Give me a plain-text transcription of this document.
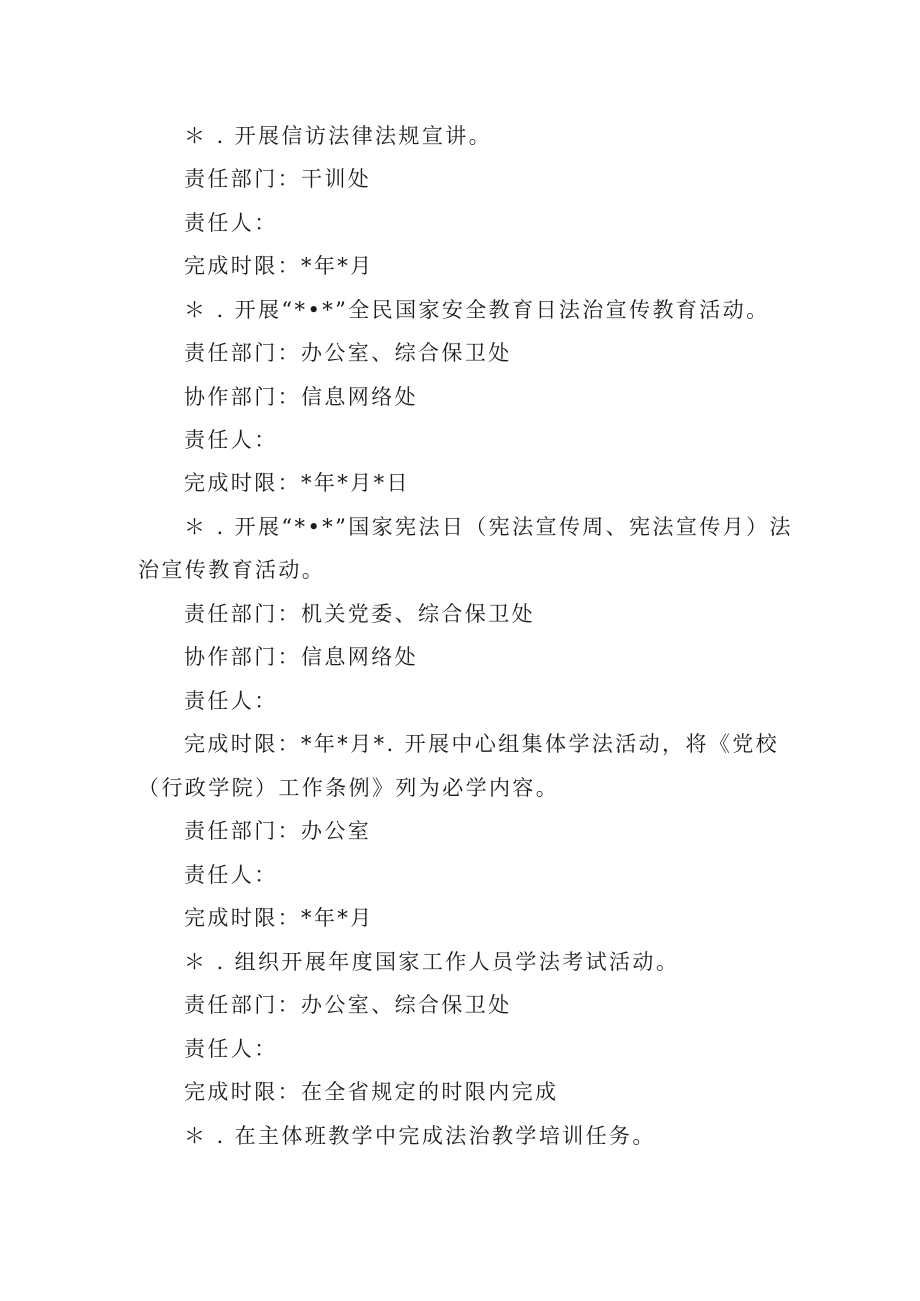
＊ . 开展信访法律法规宣讲。
责任部门：干训处
责任人：
完成时限：*年*月
＊ . 开展“*•*”全民国家安全教育日法治宣传教育活动。
责任部门：办公室、综合保卫处
协作部门：信息网络处
责任人：
完成时限：*年*月*日
＊ . 开展“*•*”国家宪法日（宪法宣传周、宪法宣传月）法
治宣传教育活动。
责任部门：机关党委、综合保卫处
协作部门：信息网络处
责任人：
完成时限：*年*月*. 开展中心组集体学法活动，将《党校
（行政学院）工作条例》列为必学内容。
责任部门：办公室
责任人：
完成时限：*年*月
＊ . 组织开展年度国家工作人员学法考试活动。
责任部门：办公室、综合保卫处
责任人：
完成时限：在全省规定的时限内完成
＊ . 在主体班教学中完成法治教学培训任务。
